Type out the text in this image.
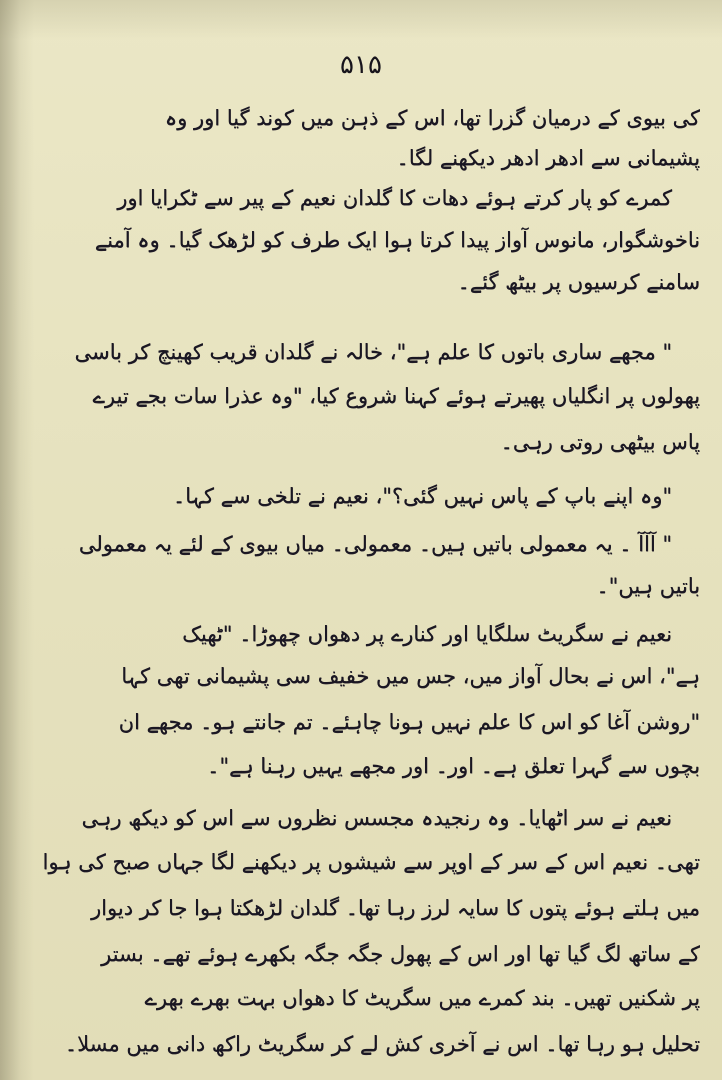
۵۱۵
کی بیوی کے درمیان گزرا تھا، اس کے ذہن میں کوند گیا اور وہ
پشیمانی سے ادھر ادھر دیکھنے لگا۔
کمرے کو پار کرتے ہوئے دھات کا گلدان نعیم کے پیر سے ٹکرایا اور
ناخوشگوار، مانوس آواز پیدا کرتا ہوا ایک طرف کو لڑھک گیا۔ وہ آمنے
سامنے کرسیوں پر بیٹھ گئے۔
" مجھے ساری باتوں کا علم ہے"، خالہ نے گلدان قریب کھینچ کر باسی
پھولوں پر انگلیاں پھیرتے ہوئے کہنا شروع کیا، "وہ عذرا سات بجے تیرے
پاس بیٹھی روتی رہی۔
"وہ اپنے باپ کے پاس نہیں گئی؟"، نعیم نے تلخی سے کہا۔
" آآآ ۔ یہ معمولی باتیں ہیں۔ معمولی۔ میاں بیوی کے لئے یہ معمولی
باتیں ہیں"۔
نعیم نے سگریٹ سلگایا اور کنارے پر دھواں چھوڑا۔ "ٹھیک
ہے"، اس نے بحال آواز میں، جس میں خفیف سی پشیمانی تھی کہا
"روشن آغا کو اس کا علم نہیں ہونا چاہئے۔ تم جانتے ہو۔ مجھے ان
بچوں سے گہرا تعلق ہے۔ اور۔ اور مجھے یہیں رہنا ہے"۔
نعیم نے سر اٹھایا۔ وہ رنجیدہ مجسس نظروں سے اس کو دیکھ رہی
تھی۔ نعیم اس کے سر کے اوپر سے شیشوں پر دیکھنے لگا جہاں صبح کی ہوا
میں ہلتے ہوئے پتوں کا سایہ لرز رہا تھا۔ گلدان لڑھکتا ہوا جا کر دیوار
کے ساتھ لگ گیا تھا اور اس کے پھول جگہ جگہ بکھرے ہوئے تھے۔ بستر
پر شکنیں تھیں۔ بند کمرے میں سگریٹ کا دھواں بہت بھرے بھرے
تحلیل ہو رہا تھا۔ اس نے آخری کش لے کر سگریٹ راکھ دانی میں مسلا۔
